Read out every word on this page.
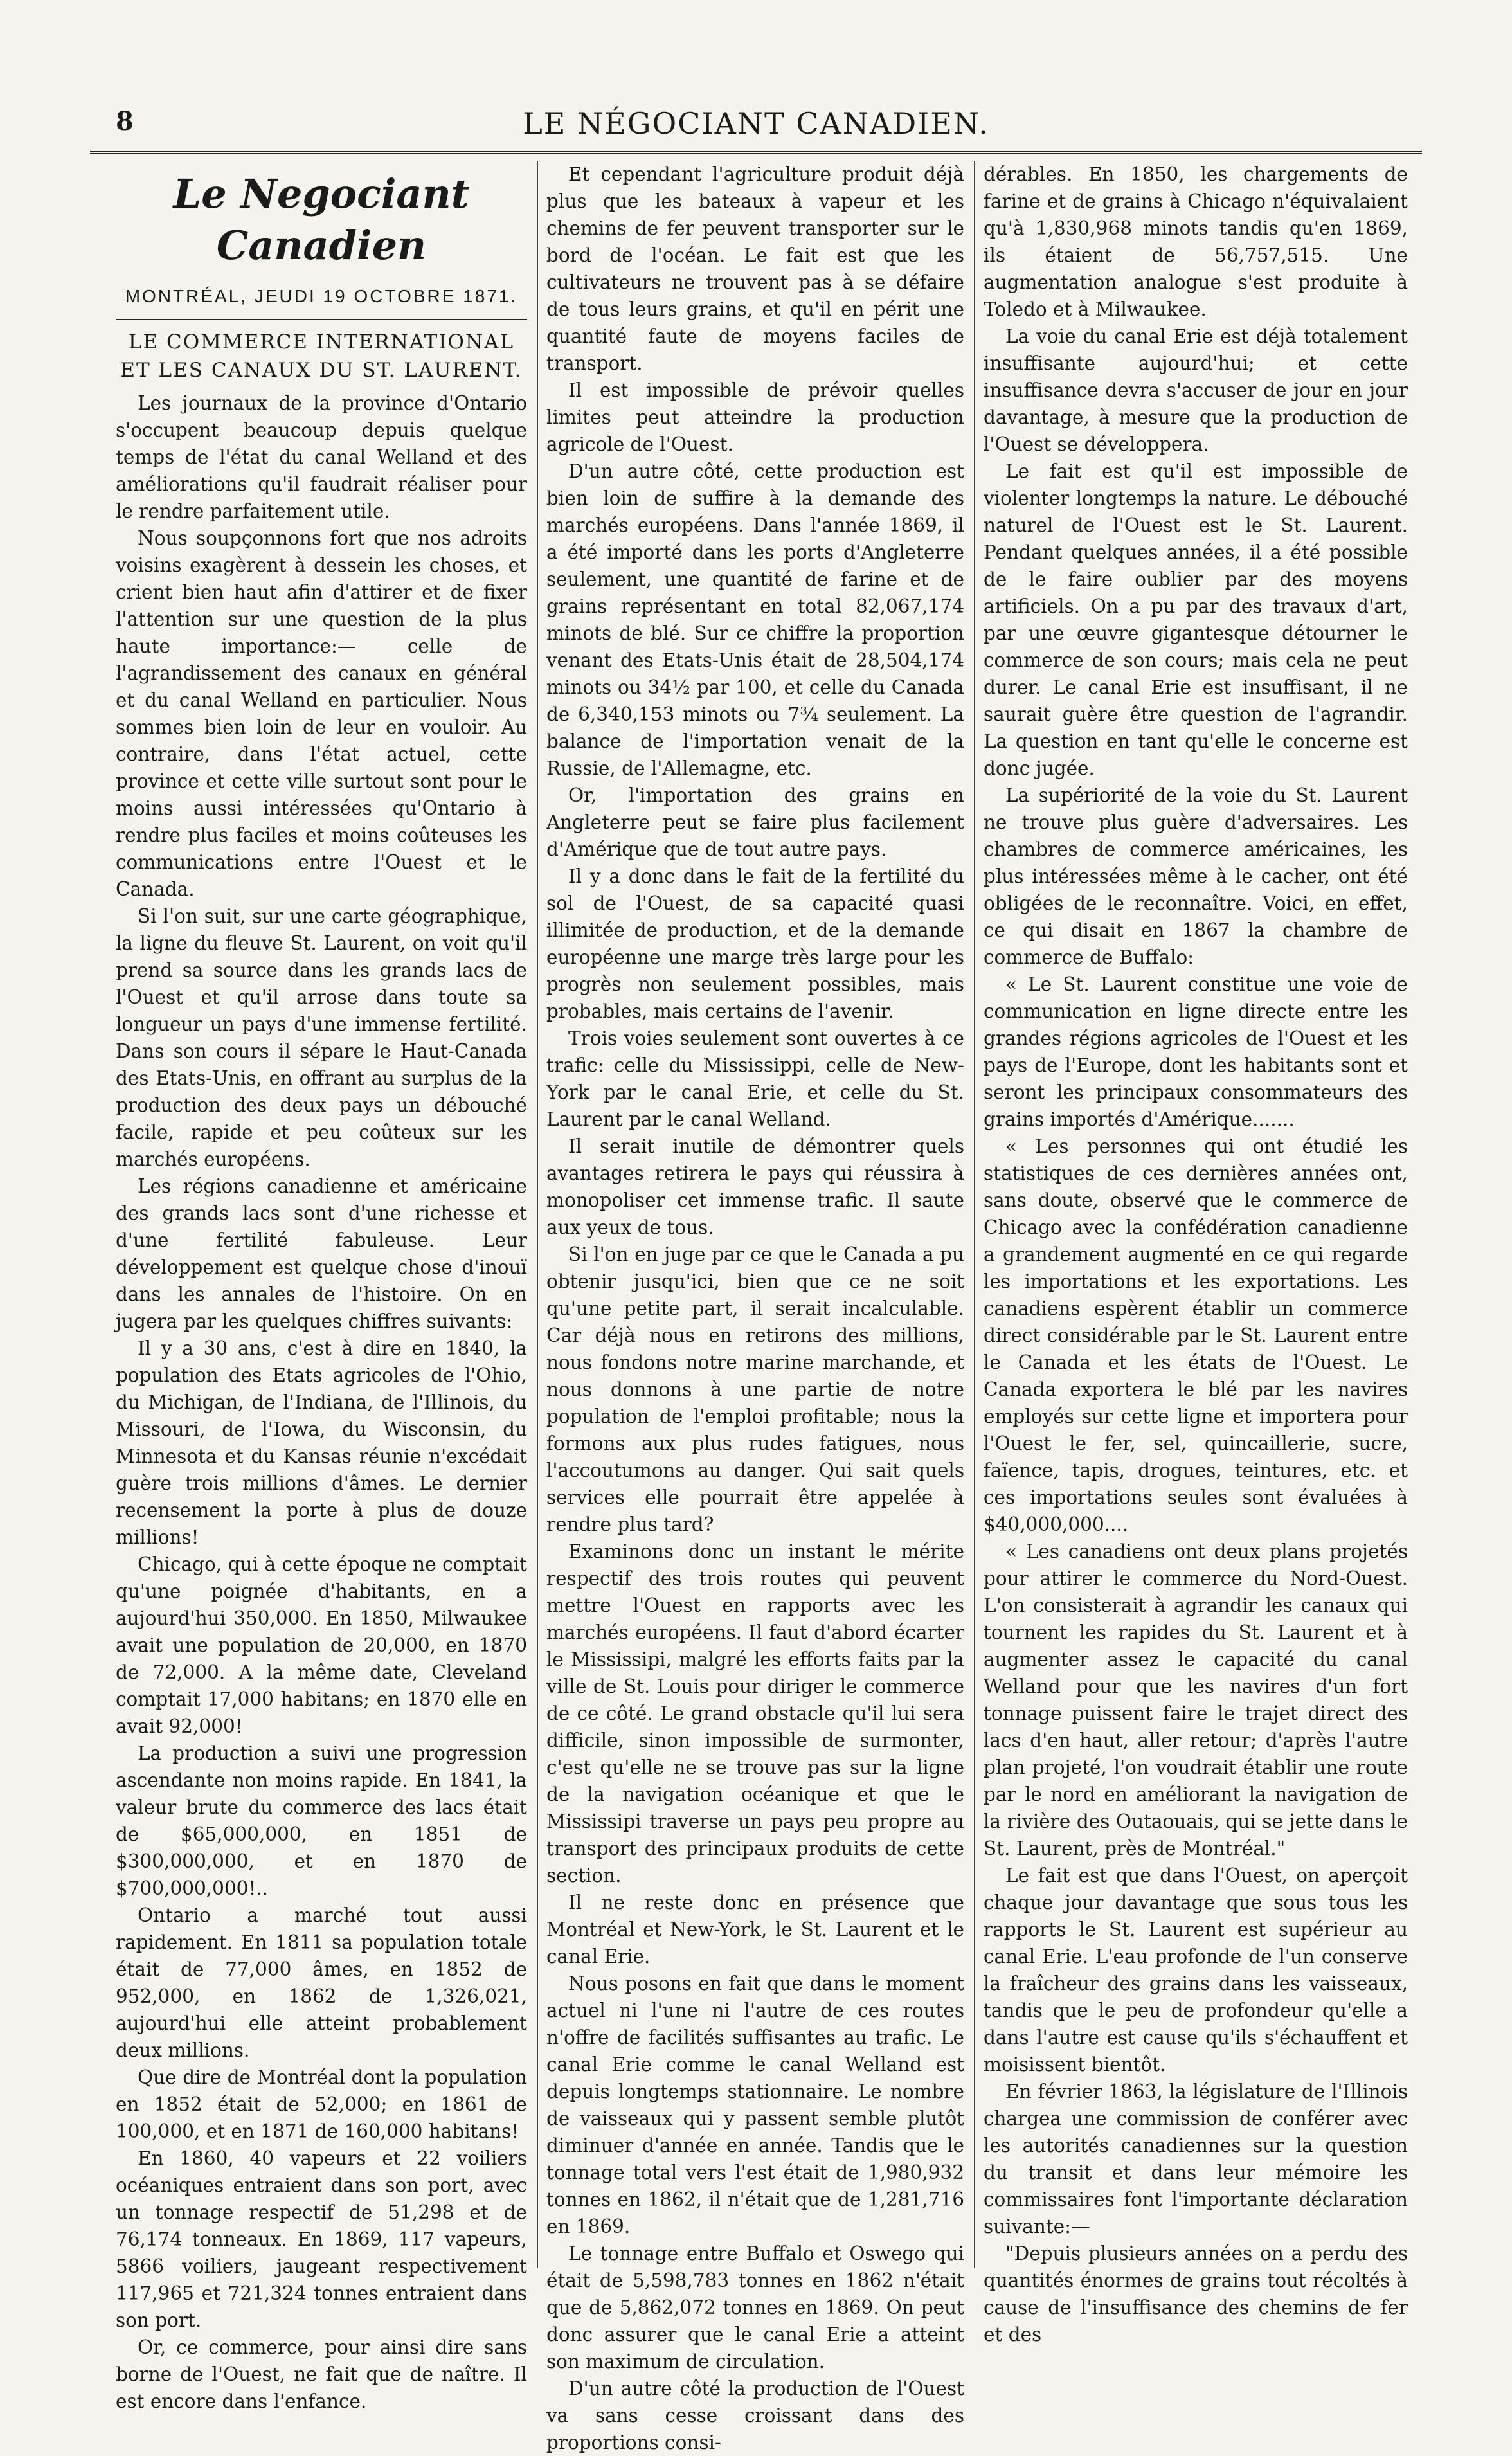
8	LE NÉGOCIANT CANADIEN.
Le Negociant Canadien
MONTRÉAL, JEUDI 19 OCTOBRE 1871.
LE COMMERCE INTERNATIONAL ET LES CANAUX DU ST. LAURENT.

Les journaux de la province d'Ontario s'occupent beaucoup depuis quelque temps de l'état du canal Welland et des améliorations qu'il faudrait réaliser pour le rendre parfaitement utile.

Nous soupçonnons fort que nos adroits voisins exagèrent à dessein les choses, et crient bien haut afin d'attirer et de fixer l'attention sur une question de la plus haute importance:— celle de l'agrandissement des canaux en général et du canal Welland en particulier. Nous sommes bien loin de leur en vouloir. Au contraire, dans l'état actuel, cette province et cette ville surtout sont pour le moins aussi intéressées qu'Ontario à rendre plus faciles et moins coûteuses les communications entre l'Ouest et le Canada.

Si l'on suit, sur une carte géographique, la ligne du fleuve St. Laurent, on voit qu'il prend sa source dans les grands lacs de l'Ouest et qu'il arrose dans toute sa longueur un pays d'une immense fertilité. Dans son cours il sépare le Haut-Canada des Etats-Unis, en offrant au surplus de la production des deux pays un débouché facile, rapide et peu coûteux sur les marchés européens.

Les régions canadienne et américaine des grands lacs sont d'une richesse et d'une fertilité fabuleuse. Leur développement est quelque chose d'inouï dans les annales de l'histoire. On en jugera par les quelques chiffres suivants:

Il y a 30 ans, c'est à dire en 1840, la population des Etats agricoles de l'Ohio, du Michigan, de l'Indiana, de l'Illinois, du Missouri, de l'Iowa, du Wisconsin, du Minnesota et du Kansas réunie n'excédait guère trois millions d'âmes. Le dernier recensement la porte à plus de douze millions!

Chicago, qui à cette époque ne comptait qu'une poignée d'habitants, en a aujourd'hui 350,000. En 1850, Milwaukee avait une population de 20,000, en 1870 de 72,000. A la même date, Cleveland comptait 17,000 habitans; en 1870 elle en avait 92,000!

La production a suivi une progression ascendante non moins rapide. En 1841, la valeur brute du commerce des lacs était de $65,000,000, en 1851 de $300,000,000, et en 1870 de $700,000,000!..

Ontario a marché tout aussi rapidement. En 1811 sa population totale était de 77,000 âmes, en 1852 de 952,000, en 1862 de 1,326,021, aujourd'hui elle atteint probablement deux millions.

Que dire de Montréal dont la population en 1852 était de 52,000; en 1861 de 100,000, et en 1871 de 160,000 habitans!

En 1860, 40 vapeurs et 22 voiliers océaniques entraient dans son port, avec un tonnage respectif de 51,298 et de 76,174 tonneaux. En 1869, 117 vapeurs, 5866 voiliers, jaugeant respectivement 117,965 et 721,324 tonnes entraient dans son port.

Or, ce commerce, pour ainsi dire sans borne de l'Ouest, ne fait que de naître. Il est encore dans l'enfance.

Et cependant l'agriculture produit déjà plus que les bateaux à vapeur et les chemins de fer peuvent transporter sur le bord de l'océan. Le fait est que les cultivateurs ne trouvent pas à se défaire de tous leurs grains, et qu'il en périt une quantité faute de moyens faciles de transport.

Il est impossible de prévoir quelles limites peut atteindre la production agricole de l'Ouest.

D'un autre côté, cette production est bien loin de suffire à la demande des marchés européens. Dans l'année 1869, il a été importé dans les ports d'Angleterre seulement, une quantité de farine et de grains représentant en total 82,067,174 minots de blé. Sur ce chiffre la proportion venant des Etats-Unis était de 28,504,174 minots ou 34½ par 100, et celle du Canada de 6,340,153 minots ou 7¾ seulement. La balance de l'importation venait de la Russie, de l'Allemagne, etc.

Or, l'importation des grains en Angleterre peut se faire plus facilement d'Amérique que de tout autre pays.

Il y a donc dans le fait de la fertilité du sol de l'Ouest, de sa capacité quasi illimitée de production, et de la demande européenne une marge très large pour les progrès non seulement possibles, mais probables, mais certains de l'avenir.

Trois voies seulement sont ouvertes à ce trafic: celle du Mississippi, celle de New-York par le canal Erie, et celle du St. Laurent par le canal Welland.

Il serait inutile de démontrer quels avantages retirera le pays qui réussira à monopoliser cet immense trafic. Il saute aux yeux de tous.

Si l'on en juge par ce que le Canada a pu obtenir jusqu'ici, bien que ce ne soit qu'une petite part, il serait incalculable. Car déjà nous en retirons des millions, nous fondons notre marine marchande, et nous donnons à une partie de notre population de l'emploi profitable; nous la formons aux plus rudes fatigues, nous l'accoutumons au danger. Qui sait quels services elle pourrait être appelée à rendre plus tard?

Examinons donc un instant le mérite respectif des trois routes qui peuvent mettre l'Ouest en rapports avec les marchés européens. Il faut d'abord écarter le Mississipi, malgré les efforts faits par la ville de St. Louis pour diriger le commerce de ce côté. Le grand obstacle qu'il lui sera difficile, sinon impossible de surmonter, c'est qu'elle ne se trouve pas sur la ligne de la navigation océanique et que le Mississipi traverse un pays peu propre au transport des principaux produits de cette section.

Il ne reste donc en présence que Montréal et New-York, le St. Laurent et le canal Erie.

Nous posons en fait que dans le moment actuel ni l'une ni l'autre de ces routes n'offre de facilités suffisantes au trafic. Le canal Erie comme le canal Welland est depuis longtemps stationnaire. Le nombre de vaisseaux qui y passent semble plutôt diminuer d'année en année. Tandis que le tonnage total vers l'est était de 1,980,932 tonnes en 1862, il n'était que de 1,281,716 en 1869.

Le tonnage entre Buffalo et Oswego qui était de 5,598,783 tonnes en 1862 n'était que de 5,862,072 tonnes en 1869. On peut donc assurer que le canal Erie a atteint son maximum de circulation.

D'un autre côté la production de l'Ouest va sans cesse croissant dans des proportions consi-

dérables. En 1850, les chargements de farine et de grains à Chicago n'équivalaient qu'à 1,830,968 minots tandis qu'en 1869, ils étaient de 56,757,515. Une augmentation analogue s'est produite à Toledo et à Milwaukee.

La voie du canal Erie est déjà totalement insuffisante aujourd'hui; et cette insuffisance devra s'accuser de jour en jour davantage, à mesure que la production de l'Ouest se développera.

Le fait est qu'il est impossible de violenter longtemps la nature. Le débouché naturel de l'Ouest est le St. Laurent. Pendant quelques années, il a été possible de le faire oublier par des moyens artificiels. On a pu par des travaux d'art, par une œuvre gigantesque détourner le commerce de son cours; mais cela ne peut durer. Le canal Erie est insuffisant, il ne saurait guère être question de l'agrandir. La question en tant qu'elle le concerne est donc jugée.

La supériorité de la voie du St. Laurent ne trouve plus guère d'adversaires. Les chambres de commerce américaines, les plus intéressées même à le cacher, ont été obligées de le reconnaître. Voici, en effet, ce qui disait en 1867 la chambre de commerce de Buffalo:

« Le St. Laurent constitue une voie de communication en ligne directe entre les grandes régions agricoles de l'Ouest et les pays de l'Europe, dont les habitants sont et seront les principaux consommateurs des grains importés d'Amérique.......

« Les personnes qui ont étudié les statistiques de ces dernières années ont, sans doute, observé que le commerce de Chicago avec la confédération canadienne a grandement augmenté en ce qui regarde les importations et les exportations. Les canadiens espèrent établir un commerce direct considérable par le St. Laurent entre le Canada et les états de l'Ouest. Le Canada exportera le blé par les navires employés sur cette ligne et importera pour l'Ouest le fer, sel, quincaillerie, sucre, faïence, tapis, drogues, teintures, etc. et ces importations seules sont évaluées à $40,000,000....

« Les canadiens ont deux plans projetés pour attirer le commerce du Nord-Ouest. L'on consisterait à agrandir les canaux qui tournent les rapides du St. Laurent et à augmenter assez le capacité du canal Welland pour que les navires d'un fort tonnage puissent faire le trajet direct des lacs d'en haut, aller retour; d'après l'autre plan projeté, l'on voudrait établir une route par le nord en améliorant la navigation de la rivière des Outaouais, qui se jette dans le St. Laurent, près de Montréal."

Le fait est que dans l'Ouest, on aperçoit chaque jour davantage que sous tous les rapports le St. Laurent est supérieur au canal Erie. L'eau profonde de l'un conserve la fraîcheur des grains dans les vaisseaux, tandis que le peu de profondeur qu'elle a dans l'autre est cause qu'ils s'échauffent et moisissent bientôt.

En février 1863, la législature de l'Illinois chargea une commission de conférer avec les autorités canadiennes sur la question du transit et dans leur mémoire les commissaires font l'importante déclaration suivante:—

"Depuis plusieurs années on a perdu des quantités énormes de grains tout récoltés à cause de l'insuffisance des chemins de fer et des
